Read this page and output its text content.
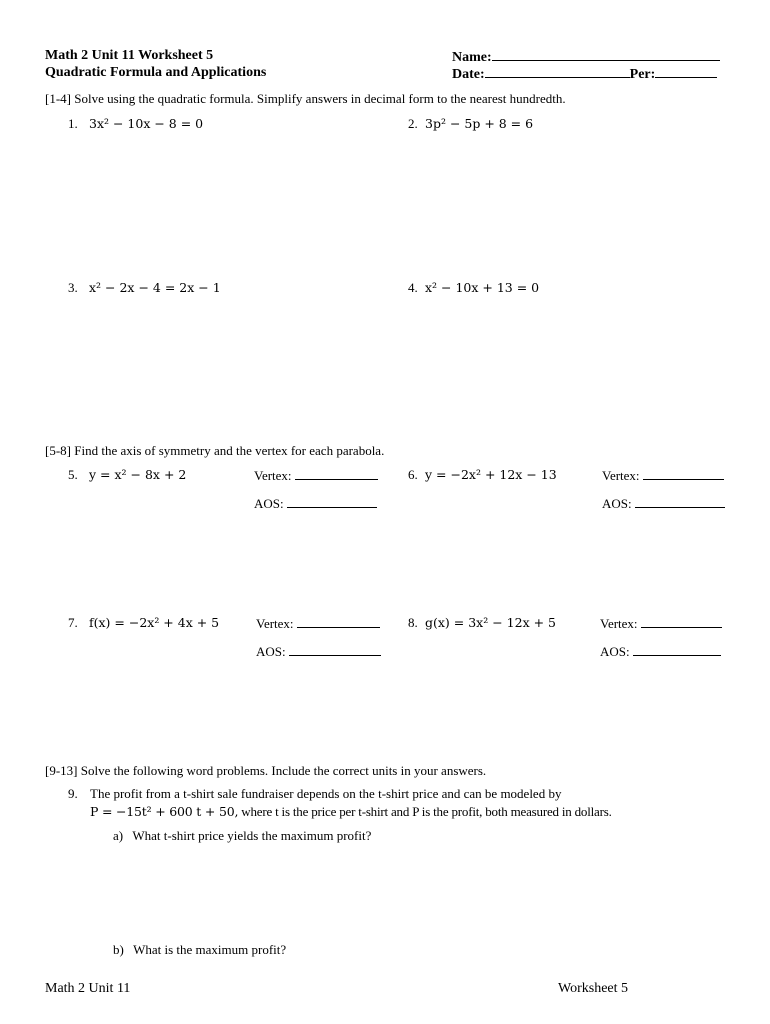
Math 2 Unit 11 Worksheet 5
Quadratic Formula and Applications
Name:
Date:	Per:
[1-4] Solve using the quadratic formula. Simplify answers in decimal form to the nearest hundredth.
1. 3x² − 10x − 8 = 0	2. 3p² − 5p + 8 = 6
3. x² − 2x − 4 = 2x − 1	4. x² − 10x + 13 = 0
[5-8] Find the axis of symmetry and the vertex for each parabola.
5. y = x² − 8x + 2	Vertex:
AOS:
6. y = −2x² + 12x − 13	Vertex:
AOS:
7. f(x) = −2x² + 4x + 5	Vertex:
AOS:
8. g(x) = 3x² − 12x + 5	Vertex:
AOS:
[9-13] Solve the following word problems. Include the correct units in your answers.
9. The profit from a t-shirt sale fundraiser depends on the t-shirt price and can be modeled by
P = −15t² + 600 t + 50, where t is the price per t-shirt and P is the profit, both measured in dollars.
a) What t-shirt price yields the maximum profit?
b) What is the maximum profit?
Math 2 Unit 11	Worksheet 5
